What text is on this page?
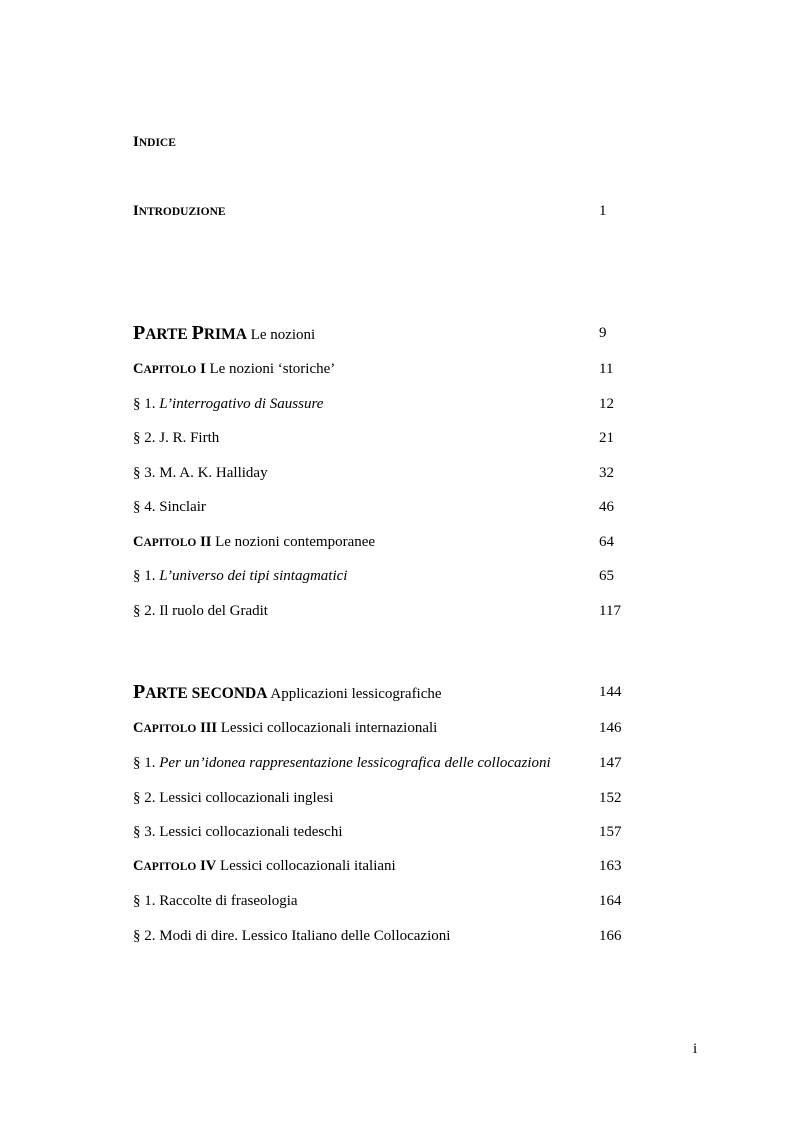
INDICE
INTRODUZIONE	1
PARTE PRIMA Le nozioni	9
CAPITOLO I Le nozioni ‘storiche’	11
§ 1. L’interrogativo di Saussure	12
§ 2. J. R. Firth	21
§ 3. M. A. K. Halliday	32
§ 4. Sinclair	46
CAPITOLO II Le nozioni contemporanee	64
§ 1. L’universo dei tipi sintagmatici	65
§ 2. Il ruolo del Gradit	117
PARTE SECONDA Applicazioni lessicografiche	144
CAPITOLO III Lessici collocazionali internazionali	146
§ 1. Per un’idonea rappresentazione lessicografica delle collocazioni	147
§ 2. Lessici collocazionali inglesi	152
§ 3. Lessici collocazionali tedeschi	157
CAPITOLO IV Lessici collocazionali italiani	163
§ 1. Raccolte di fraseologia	164
§ 2. Modi di dire. Lessico Italiano delle Collocazioni	166
i
